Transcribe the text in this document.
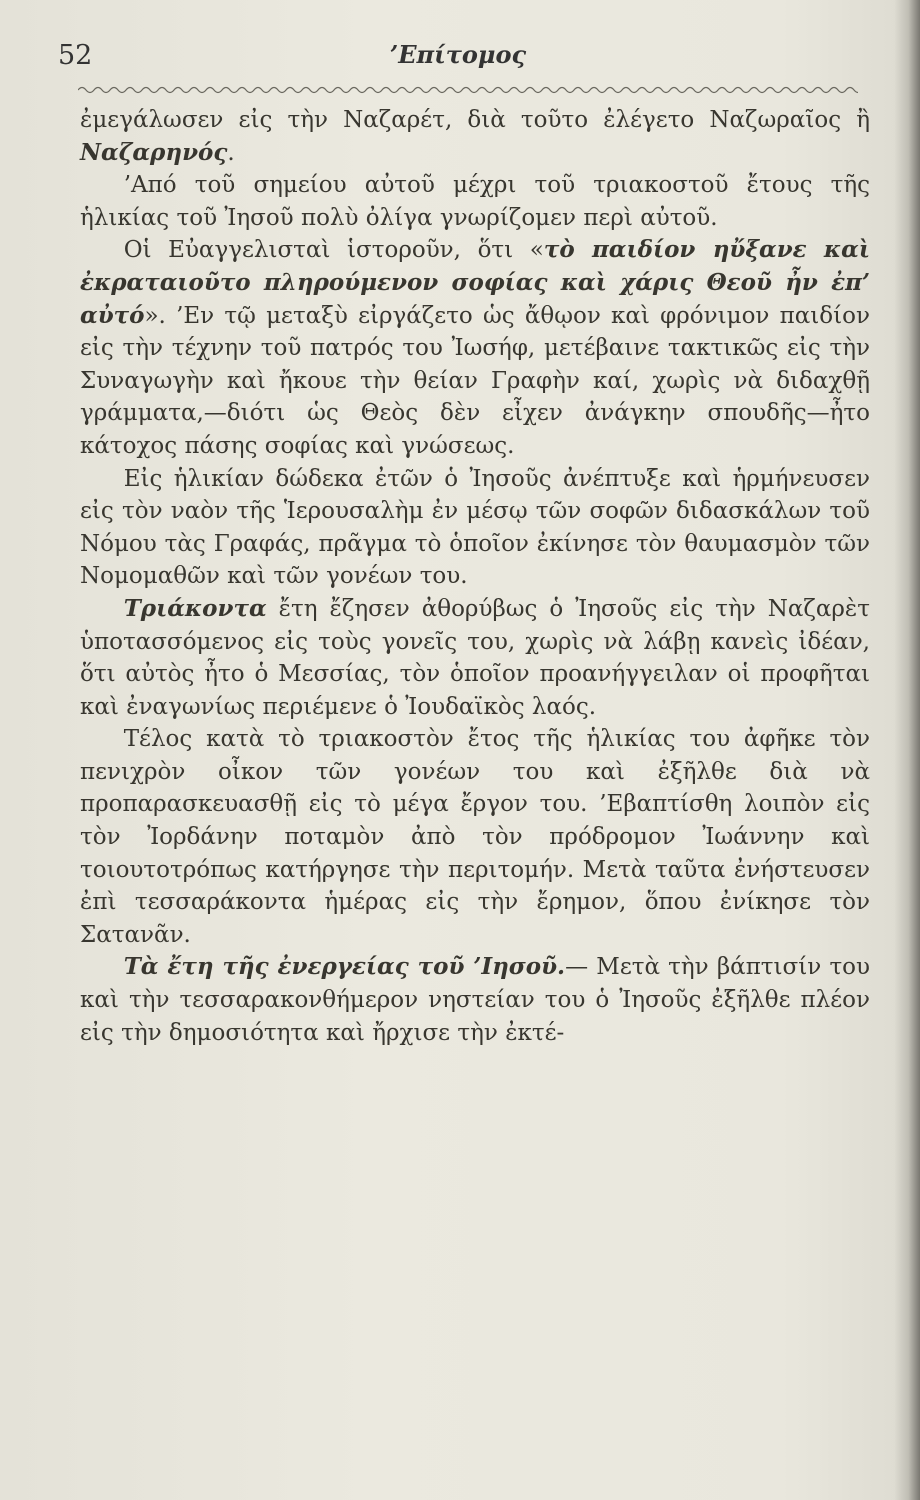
52	’Επίτομος

ἐμεγάλωσεν εἰς τὴν Ναζαρέτ, διὰ τοῦτο ἐλέγετο Ναζωραῖος ἢ Ναζαρηνός.

’Από τοῦ σημείου αὐτοῦ μέχρι τοῦ τριακοστοῦ ἔτους τῆς ἡλικίας τοῦ Ἰησοῦ πολὺ ὀλίγα γνωρίζομεν περὶ αὐτοῦ.

Οἱ Εὐαγγελισταὶ ἱστοροῦν, ὅτι «τὸ παιδίον ηὔξανε καὶ ἐκραταιοῦτο πληρούμενον σοφίας καὶ χάρις Θεοῦ ἦν ἐπ’ αὐτό». ’Εν τῷ μεταξὺ εἰργάζετο ὡς ἄθῳον καὶ φρόνιμον παιδίον εἰς τὴν τέχνην τοῦ πατρός του Ἰωσήφ, μετέβαινε τακτικῶς εἰς τὴν Συναγωγὴν καὶ ἤκουε τὴν θείαν Γραφὴν καί, χωρὶς νὰ διδαχθῇ γράμματα,—διότι ὡς Θεὸς δὲν εἶχεν ἀνάγκην σπουδῆς—ἦτο κάτοχος πάσης σοφίας καὶ γνώσεως.

Εἰς ἡλικίαν δώδεκα ἐτῶν ὁ Ἰησοῦς ἀνέπτυξε καὶ ἡρμήνευσεν εἰς τὸν ναὸν τῆς Ἱερουσαλὴμ ἐν μέσῳ τῶν σοφῶν διδασκάλων τοῦ Νόμου τὰς Γραφάς, πρᾶγμα τὸ ὁποῖον ἐκίνησε τὸν θαυμασμὸν τῶν Νομομαθῶν καὶ τῶν γονέων του.

Τριάκοντα ἔτη ἔζησεν ἀθορύβως ὁ Ἰησοῦς εἰς τὴν Ναζαρὲτ ὑποτασσόμενος εἰς τοὺς γονεῖς του, χωρὶς νὰ λάβῃ κανεὶς ἰδέαν, ὅτι αὐτὸς ἦτο ὁ Μεσσίας, τὸν ὁποῖον προανήγγειλαν οἱ προφῆται καὶ ἐναγωνίως περιέμενε ὁ Ἰουδαϊκὸς λαός.

Τέλος κατὰ τὸ τριακοστὸν ἔτος τῆς ἡλικίας του ἀφῆκε τὸν πενιχρὸν οἶκον τῶν γονέων του καὶ ἐξῆλθε διὰ νὰ προπαρασκευασθῇ εἰς τὸ μέγα ἔργον του. ’Εβαπτίσθη λοιπὸν εἰς τὸν Ἰορδάνην ποταμὸν ἀπὸ τὸν πρόδρομον Ἰωάννην καὶ τοιουτοτρόπως κατήργησε τὴν περιτομήν. Μετὰ ταῦτα ἐνήστευσεν ἐπὶ τεσσαράκοντα ἡμέρας εἰς τὴν ἔρημον, ὅπου ἐνίκησε τὸν Σατανᾶν.

Τὰ ἔτη τῆς ἐνεργείας τοῦ ’Ιησοῦ.— Μετὰ τὴν βάπτισίν του καὶ τὴν τεσσαρακονθήμερον νηστείαν του ὁ Ἰησοῦς ἐξῆλθε πλέον εἰς τὴν δημοσιότητα καὶ ἤρχισε τὴν ἐκτέ-
